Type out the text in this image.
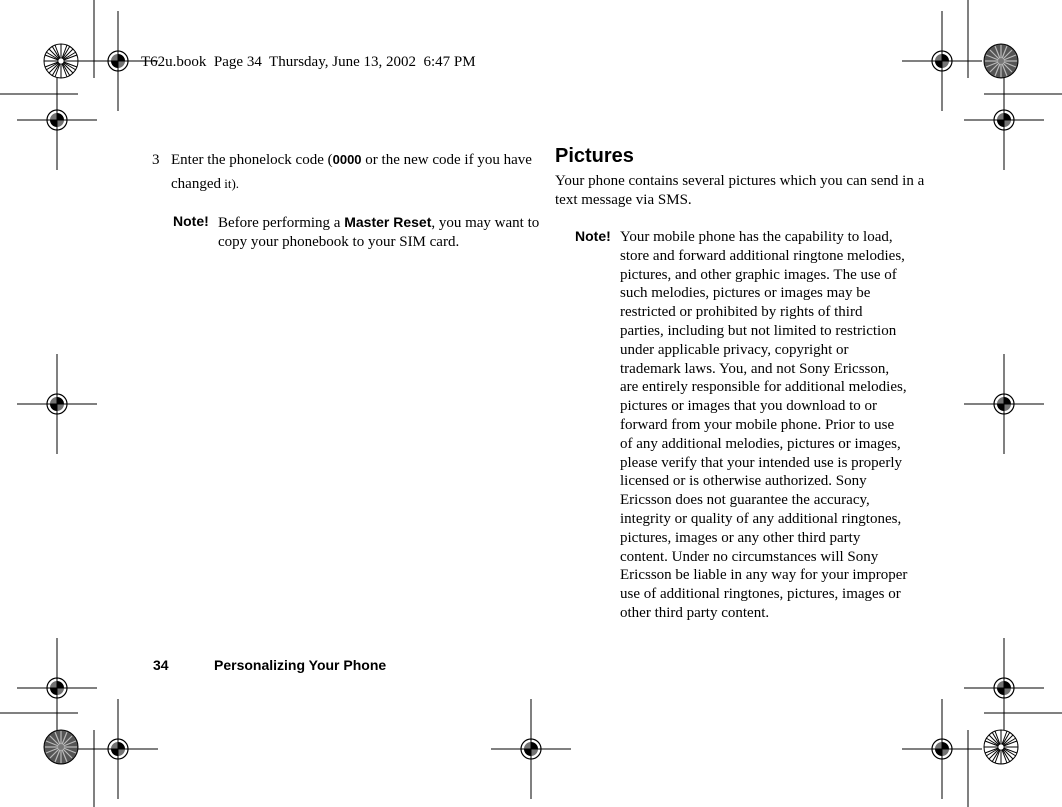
T62u.book  Page 34  Thursday, June 13, 2002  6:47 PM
3 Enter the phonelock code (0000 or the new code if you have changed it).
Note! Before performing a Master Reset, you may want to copy your phonebook to your SIM card.
Pictures
Your phone contains several pictures which you can send in a text message via SMS.
Note! Your mobile phone has the capability to load,
store and forward additional ringtone melodies,
pictures, and other graphic images. The use of
such melodies, pictures or images may be
restricted or prohibited by rights of third
parties, including but not limited to restriction
under applicable privacy, copyright or
trademark laws. You, and not Sony Ericsson,
are entirely responsible for additional melodies,
pictures or images that you download to or
forward from your mobile phone. Prior to use
of any additional melodies, pictures or images,
please verify that your intended use is properly
licensed or is otherwise authorized. Sony
Ericsson does not guarantee the accuracy,
integrity or quality of any additional ringtones,
pictures, images or any other third party
content. Under no circumstances will Sony
Ericsson be liable in any way for your improper
use of additional ringtones, pictures, images or
other third party content.
34	Personalizing Your Phone
